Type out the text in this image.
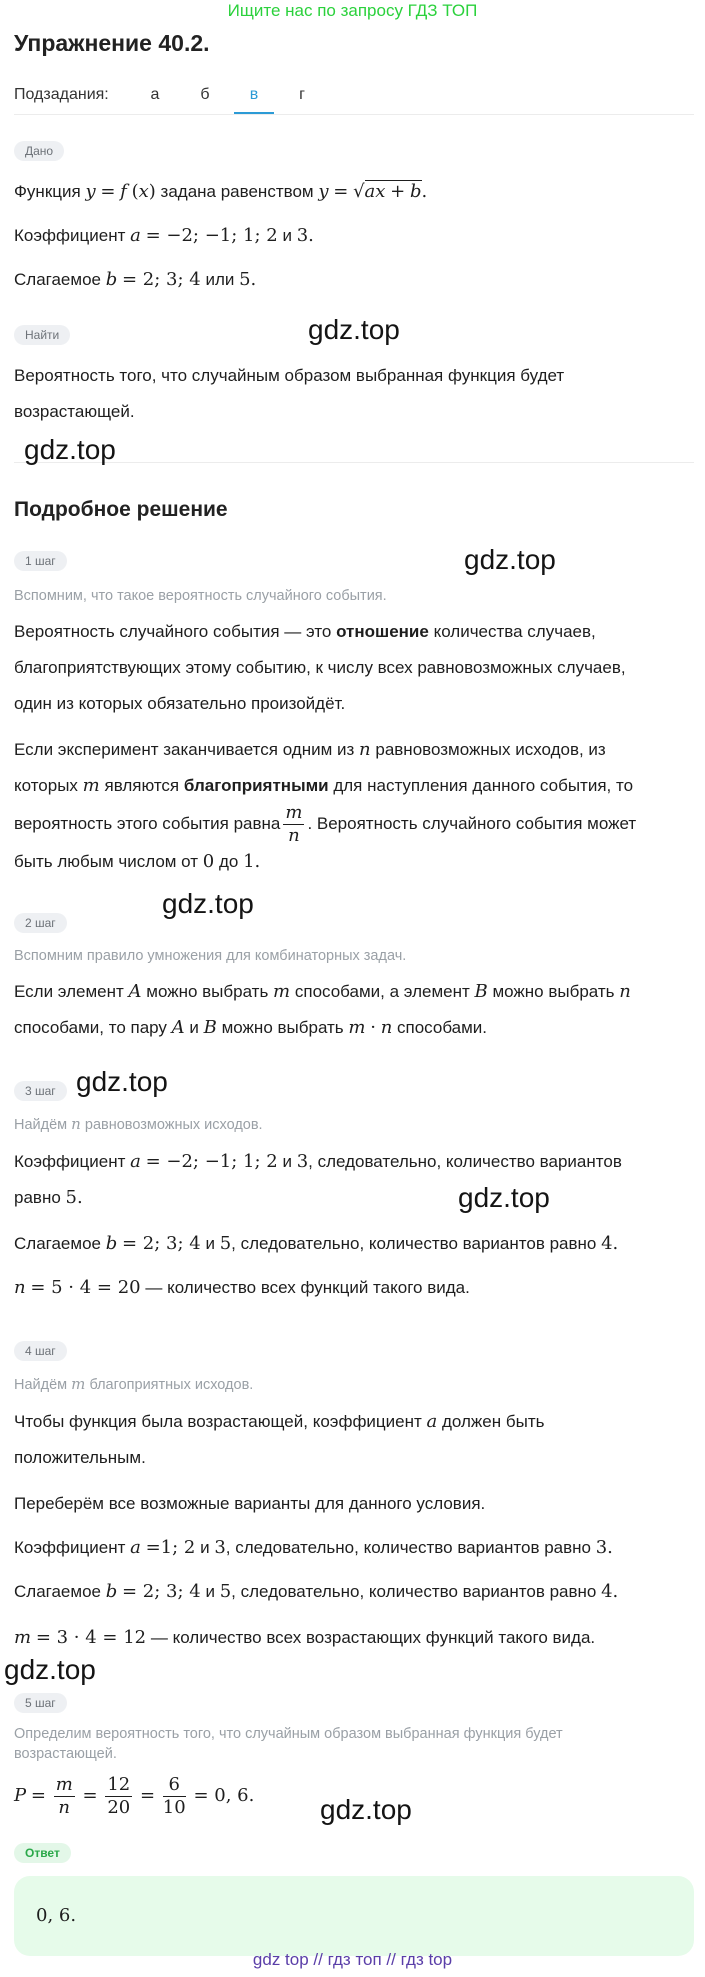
Ищите нас по запросу ГДЗ ТОП
Упражнение 40.2.
Подзадания:	а	б	в	г
Дано
Функция y = f (x) задана равенством y = √ax + b.
Коэффициент a = −2; −1; 1; 2 и 3.
Слагаемое b = 2; 3; 4 или 5.
Найти
Вероятность того, что случайным образом выбранная функция будет
возрастающей.
Подробное решение
1 шаг
Вспомним, что такое вероятность случайного события.
Вероятность случайного события — это отношение количества случаев,
благоприятствующих этому событию, к числу всех равновозможных случаев,
один из которых обязательно произойдёт.
Если эксперимент заканчивается одним из n равновозможных исходов, из
которых m являются благоприятными для наступления данного события, то
вероятность этого события равна $\frac{m}{n}$ . Вероятность случайного события может
быть любым числом от 0 до 1.
2 шаг
Вспомним правило умножения для комбинаторных задач.
Если элемент A можно выбрать m способами, а элемент B можно выбрать n
способами, то пару A и B можно выбрать m · n способами.
3 шаг
Найдём n равновозможных исходов.
Коэффициент a = −2; −1; 1; 2 и 3, следовательно, количество вариантов
равно 5.
Слагаемое b = 2; 3; 4 и 5, следовательно, количество вариантов равно 4.
n = 5 · 4 = 20 — количество всех функций такого вида.
4 шаг
Найдём m благоприятных исходов.
Чтобы функция была возрастающей, коэффициент a должен быть
положительным.
Переберём все возможные варианты для данного условия.
Коэффициент a =1; 2 и 3, следовательно, количество вариантов равно 3.
Слагаемое b = 2; 3; 4 и 5, следовательно, количество вариантов равно 4.
m = 3 · 4 = 12 — количество всех возрастающих функций такого вида.
5 шаг
Определим вероятность того, что случайным образом выбранная функция будет
возрастающей.
$P = \frac{m}{n} = \frac{12}{20} = \frac{6}{10} = 0$, 6.
Ответ
0, 6.
gdz.top
gdz.top
gdz.top
gdz.top
gdz.top
gdz.top
gdz.top
gdz.top
gdz top // гдз топ // гдз top
